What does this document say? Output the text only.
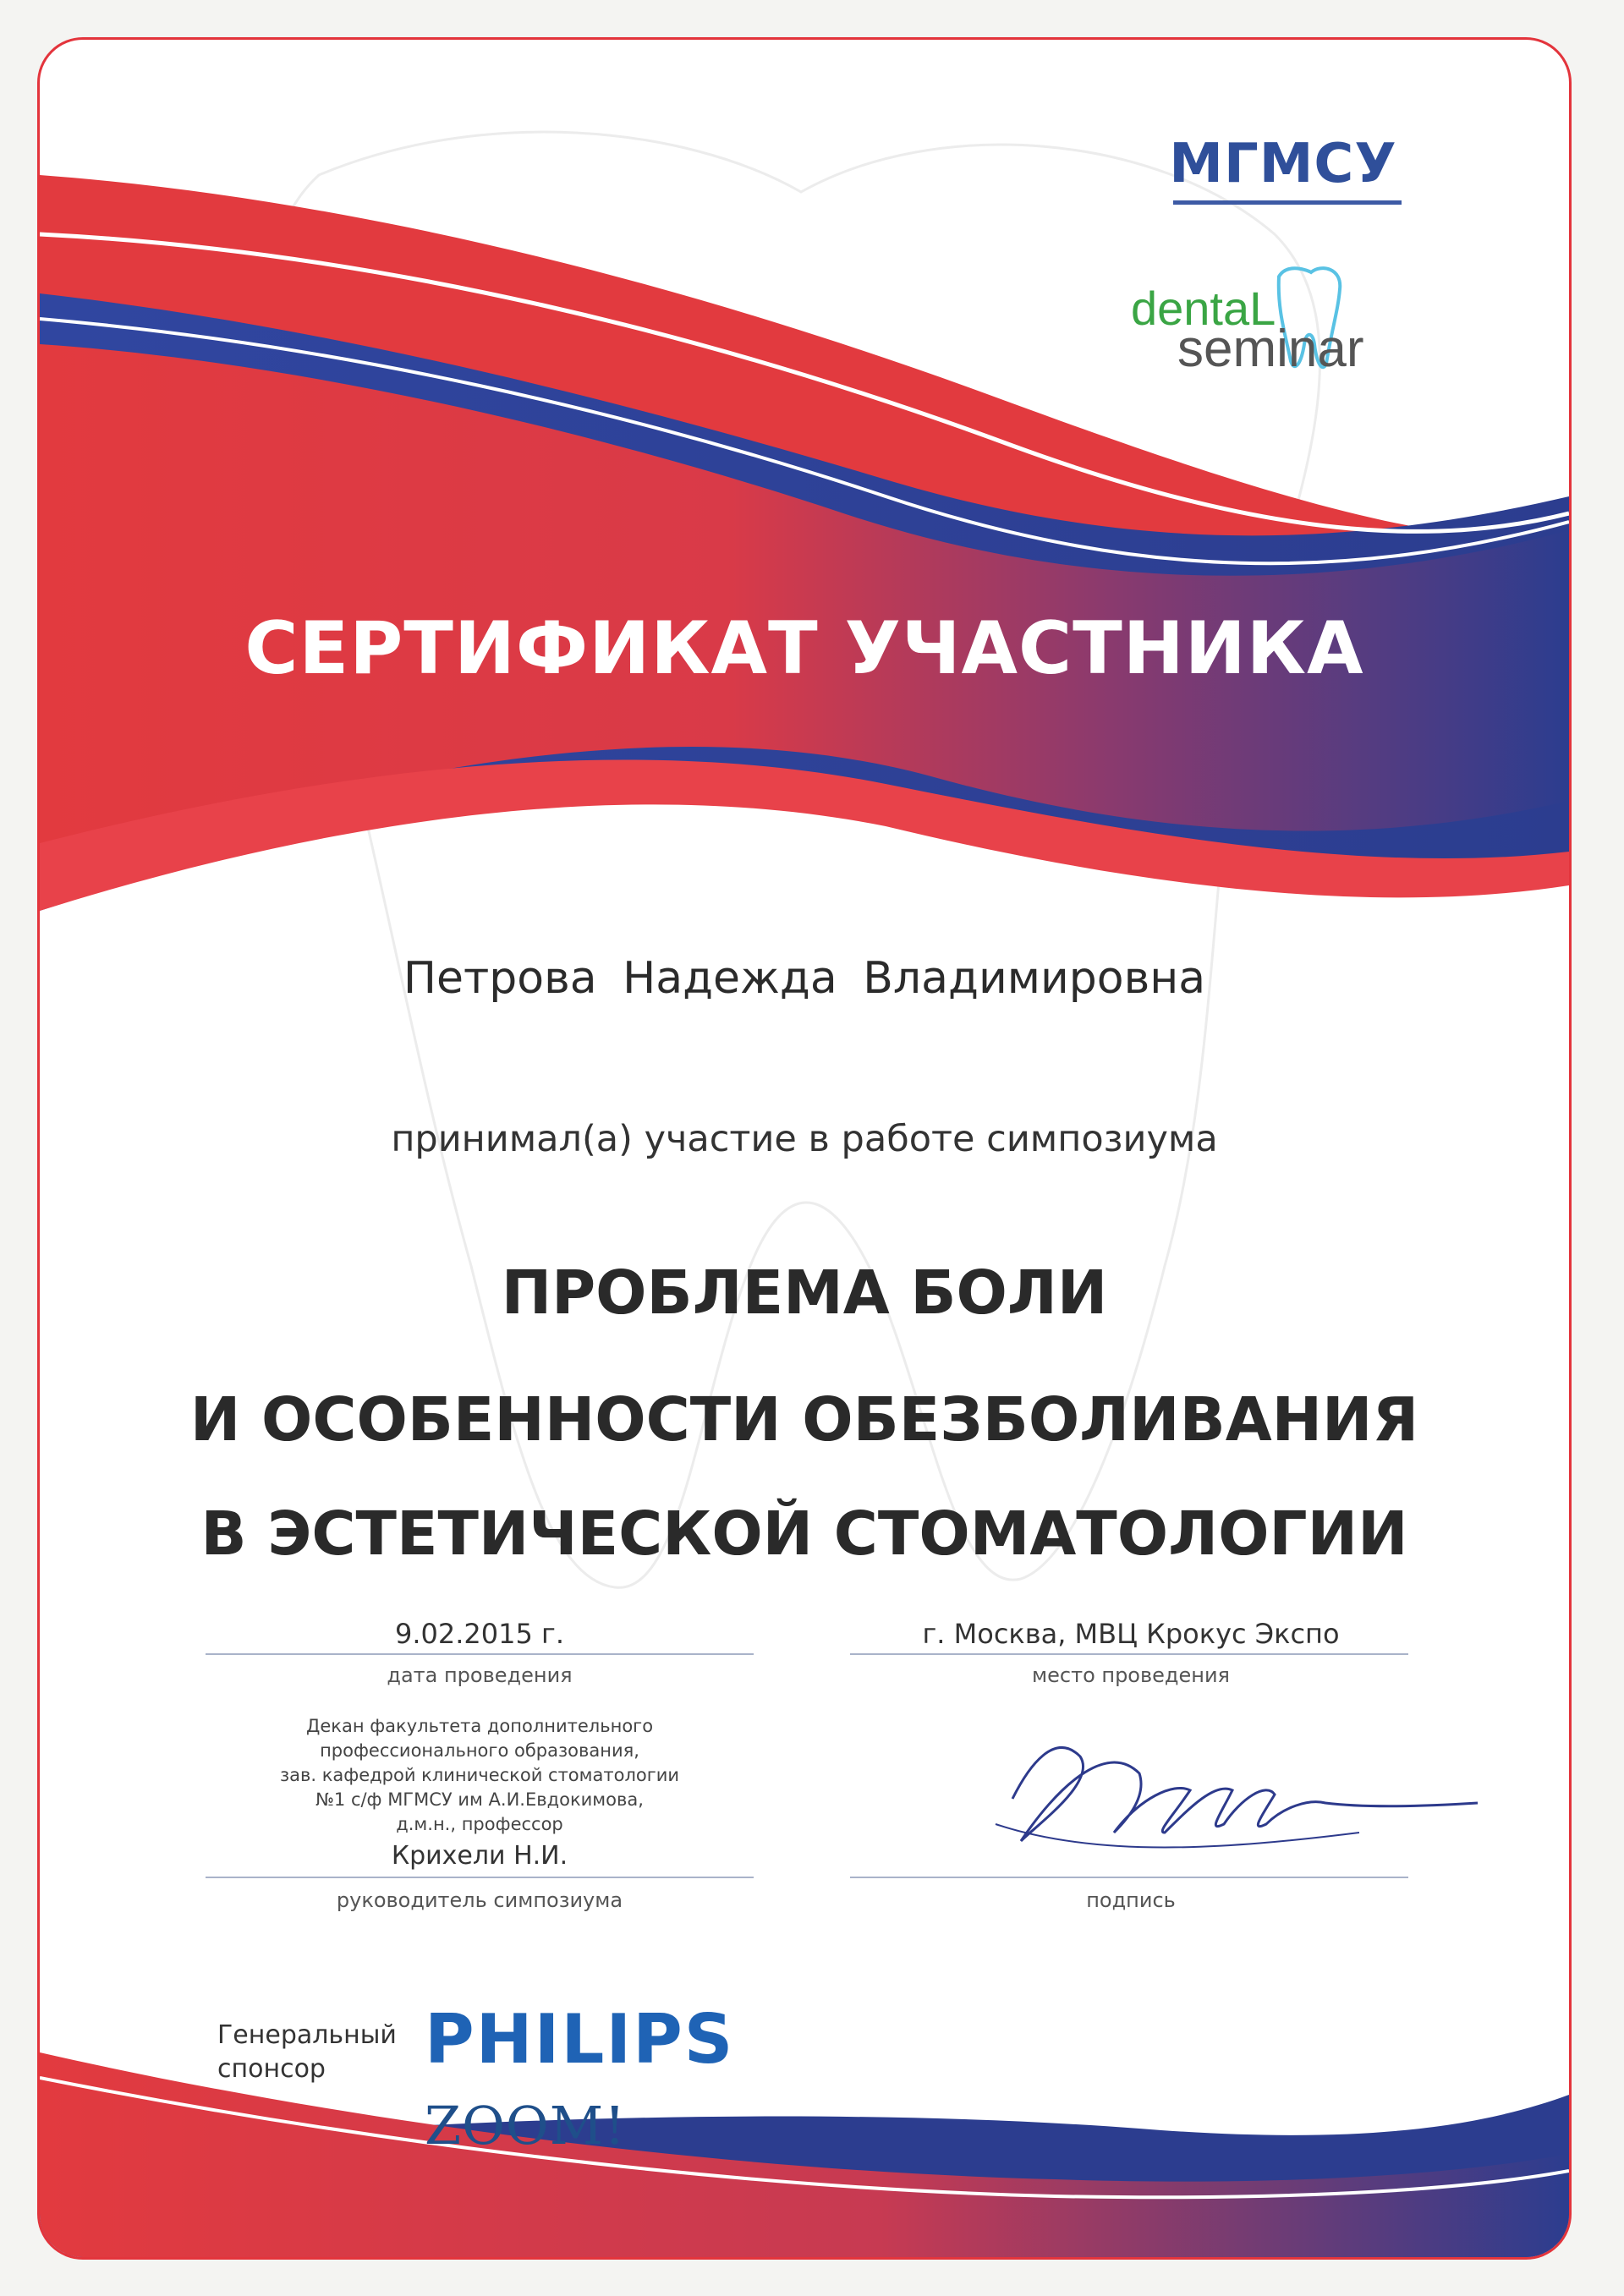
МГМСУ
dentaL
seminar
СЕРТИФИКАТ УЧАСТНИКА
Петрова Надежда Владимировна
принимал(а) участие в работе симпозиума
ПРОБЛЕМА БОЛИ
И ОСОБЕННОСТИ ОБЕЗБОЛИВАНИЯ
В ЭСТЕТИЧЕСКОЙ СТОМАТОЛОГИИ
9.02.2015 г.
дата проведения
г. Москва, МВЦ Крокус Экспо
место проведения
Декан факультета дополнительного
профессионального образования,
зав. кафедрой клинической стоматологии
№1 с/ф МГМСУ им А.И.Евдокимова,
д.м.н., профессор
Крихели Н.И.
руководитель симпозиума	подпись
Генеральный
спонсор	PHILIPS
ZOOM!
